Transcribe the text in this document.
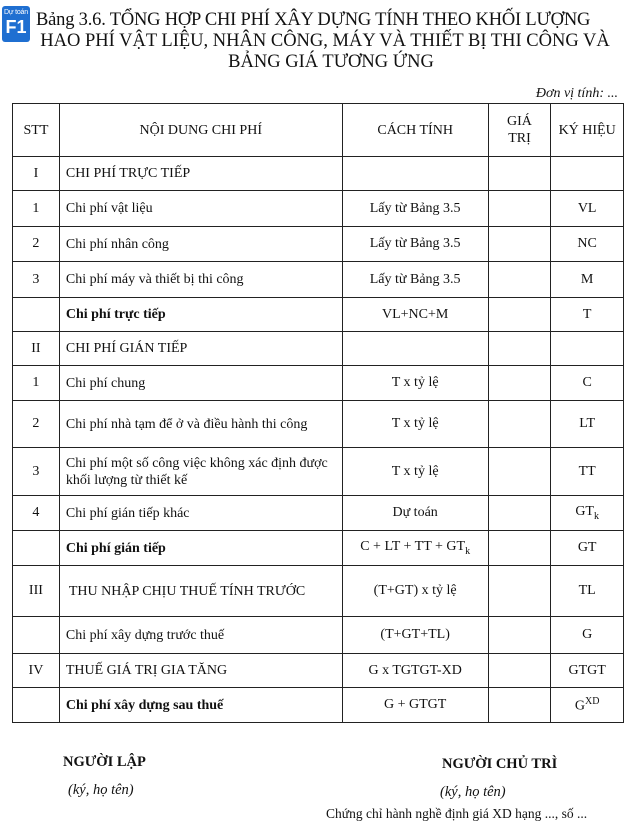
Dự toán
F1 Bảng 3.6. TỔNG HỢP CHI PHÍ XÂY DỰNG TÍNH THEO KHỐI LƯỢNG
HAO PHÍ VẬT LIỆU, NHÂN CÔNG, MÁY VÀ THIẾT BỊ THI CÔNG VÀ
BẢNG GIÁ TƯƠNG ỨNG
Đơn vị tính: ...
STT	NỘI DUNG CHI PHÍ	CÁCH TÍNH	GIÁ TRỊ	KÝ HIỆU
I	CHI PHÍ TRỰC TIẾP			
1	Chi phí vật liệu	Lấy từ Bảng 3.5		VL
2	Chi phí nhân công	Lấy từ Bảng 3.5		NC
3	Chi phí máy và thiết bị thi công	Lấy từ Bảng 3.5		M
	Chi phí trực tiếp	VL+NC+M		T
II	CHI PHÍ GIÁN TIẾP			
1	Chi phí chung	T x tỷ lệ		C
2	Chi phí nhà tạm để ở và điều hành thi công	T x tỷ lệ		LT
3	Chi phí một số công việc không xác định được khối lượng từ thiết kế	T x tỷ lệ		TT
4	Chi phí gián tiếp khác	Dự toán		$GT_k$
	Chi phí gián tiếp	C + LT + TT + $GT_k$		GT
III	THU NHẬP CHỊU THUẾ TÍNH TRƯỚC	(T+GT) x tỷ lệ		TL
	Chi phí xây dựng trước thuế	(T+GT+TL)		G
IV	THUẾ GIÁ TRỊ GIA TĂNG	G x TGTGT-XD		GTGT
	Chi phí xây dựng sau thuế	G + GTGT		$G^{XD}$
NGƯỜI LẬP
(ký, họ tên)
NGƯỜI CHỦ TRÌ
(ký, họ tên)
Chứng chỉ hành nghề định giá XD hạng ..., số ...
